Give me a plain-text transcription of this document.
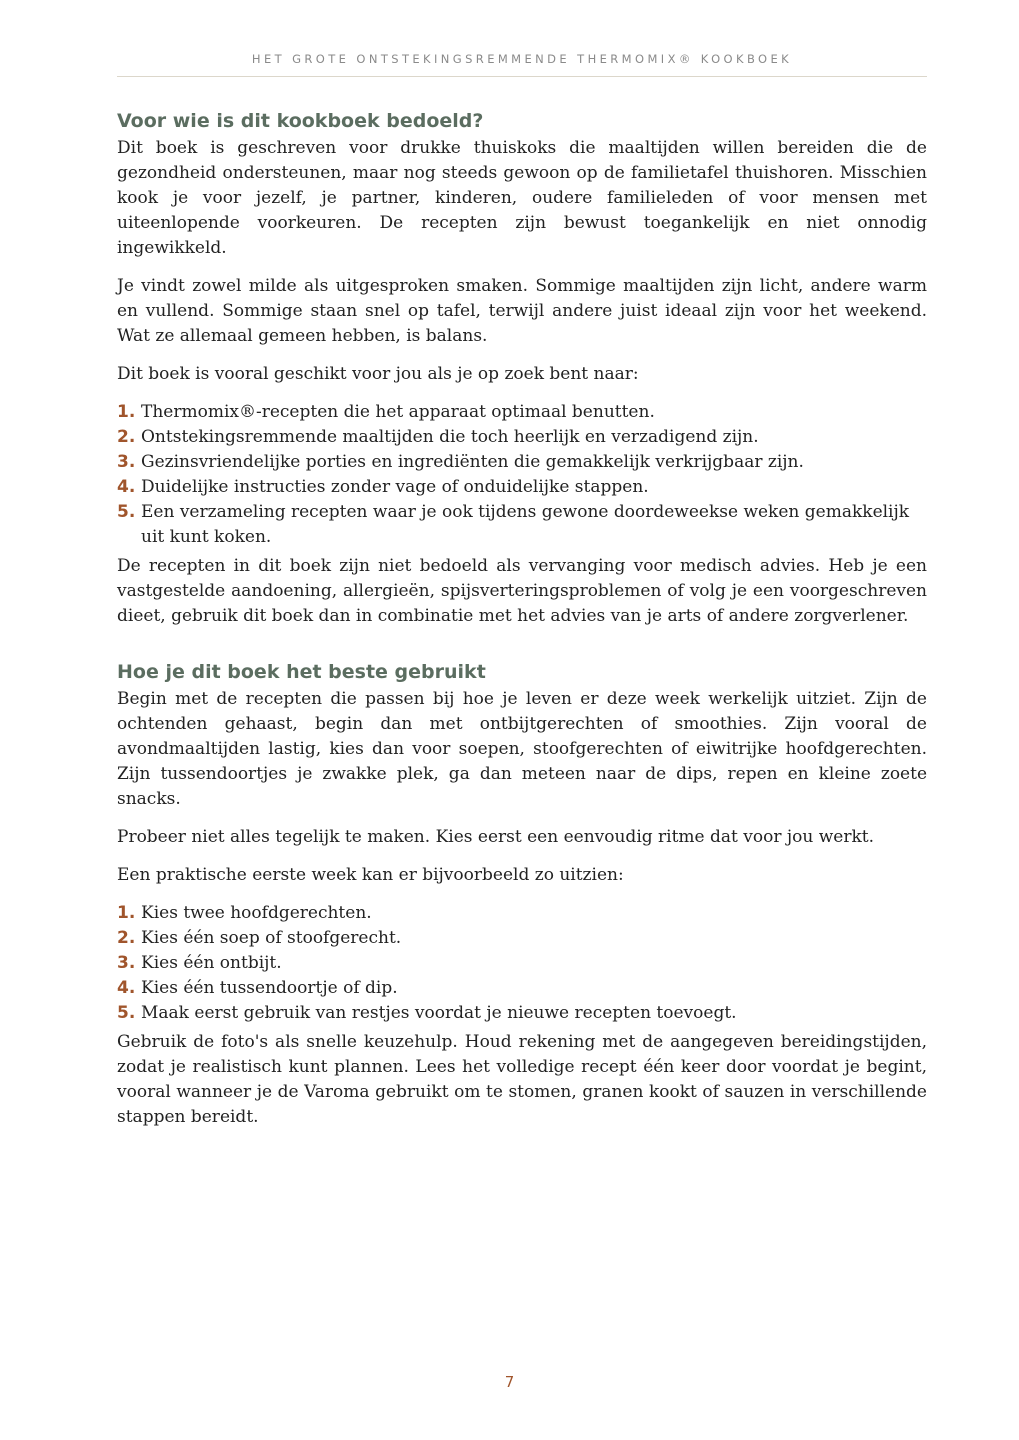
HET GROTE ONTSTEKINGSREMMENDE THERMOMIX® KOOKBOEK
Voor wie is dit kookboek bedoeld?

Dit boek is geschreven voor drukke thuiskoks die maaltijden willen bereiden die de gezondheid ondersteunen, maar nog steeds gewoon op de familietafel thuishoren. Misschien kook je voor jezelf, je partner, kinderen, oudere familieleden of voor mensen met uiteenlopende voorkeuren. De recepten zijn bewust toegankelijk en niet onnodig ingewikkeld.

Je vindt zowel milde als uitgesproken smaken. Sommige maaltijden zijn licht, andere warm en vullend. Sommige staan snel op tafel, terwijl andere juist ideaal zijn voor het weekend. Wat ze allemaal gemeen hebben, is balans.

Dit boek is vooral geschikt voor jou als je op zoek bent naar:

1. Thermomix®-recepten die het apparaat optimaal benutten.
2. Ontstekingsremmende maaltijden die toch heerlijk en verzadigend zijn.
3. Gezinsvriendelijke porties en ingrediënten die gemakkelijk verkrijgbaar zijn.
4. Duidelijke instructies zonder vage of onduidelijke stappen.
5. Een verzameling recepten waar je ook tijdens gewone doordeweekse weken gemakkelijk uit kunt koken.

De recepten in dit boek zijn niet bedoeld als vervanging voor medisch advies. Heb je een vastgestelde aandoening, allergieën, spijsverteringsproblemen of volg je een voorgeschreven dieet, gebruik dit boek dan in combinatie met het advies van je arts of andere zorgverlener.

Hoe je dit boek het beste gebruikt

Begin met de recepten die passen bij hoe je leven er deze week werkelijk uitziet. Zijn de ochtenden gehaast, begin dan met ontbijtgerechten of smoothies. Zijn vooral de avondmaaltijden lastig, kies dan voor soepen, stoofgerechten of eiwitrijke hoofdgerechten. Zijn tussendoortjes je zwakke plek, ga dan meteen naar de dips, repen en kleine zoete snacks.

Probeer niet alles tegelijk te maken. Kies eerst een eenvoudig ritme dat voor jou werkt.

Een praktische eerste week kan er bijvoorbeeld zo uitzien:

1. Kies twee hoofdgerechten.
2. Kies één soep of stoofgerecht.
3. Kies één ontbijt.
4. Kies één tussendoortje of dip.
5. Maak eerst gebruik van restjes voordat je nieuwe recepten toevoegt.

Gebruik de foto's als snelle keuzehulp. Houd rekening met de aangegeven bereidingstijden, zodat je realistisch kunt plannen. Lees het volledige recept één keer door voordat je begint, vooral wanneer je de Varoma gebruikt om te stomen, granen kookt of sauzen in verschillende stappen bereidt.

7
